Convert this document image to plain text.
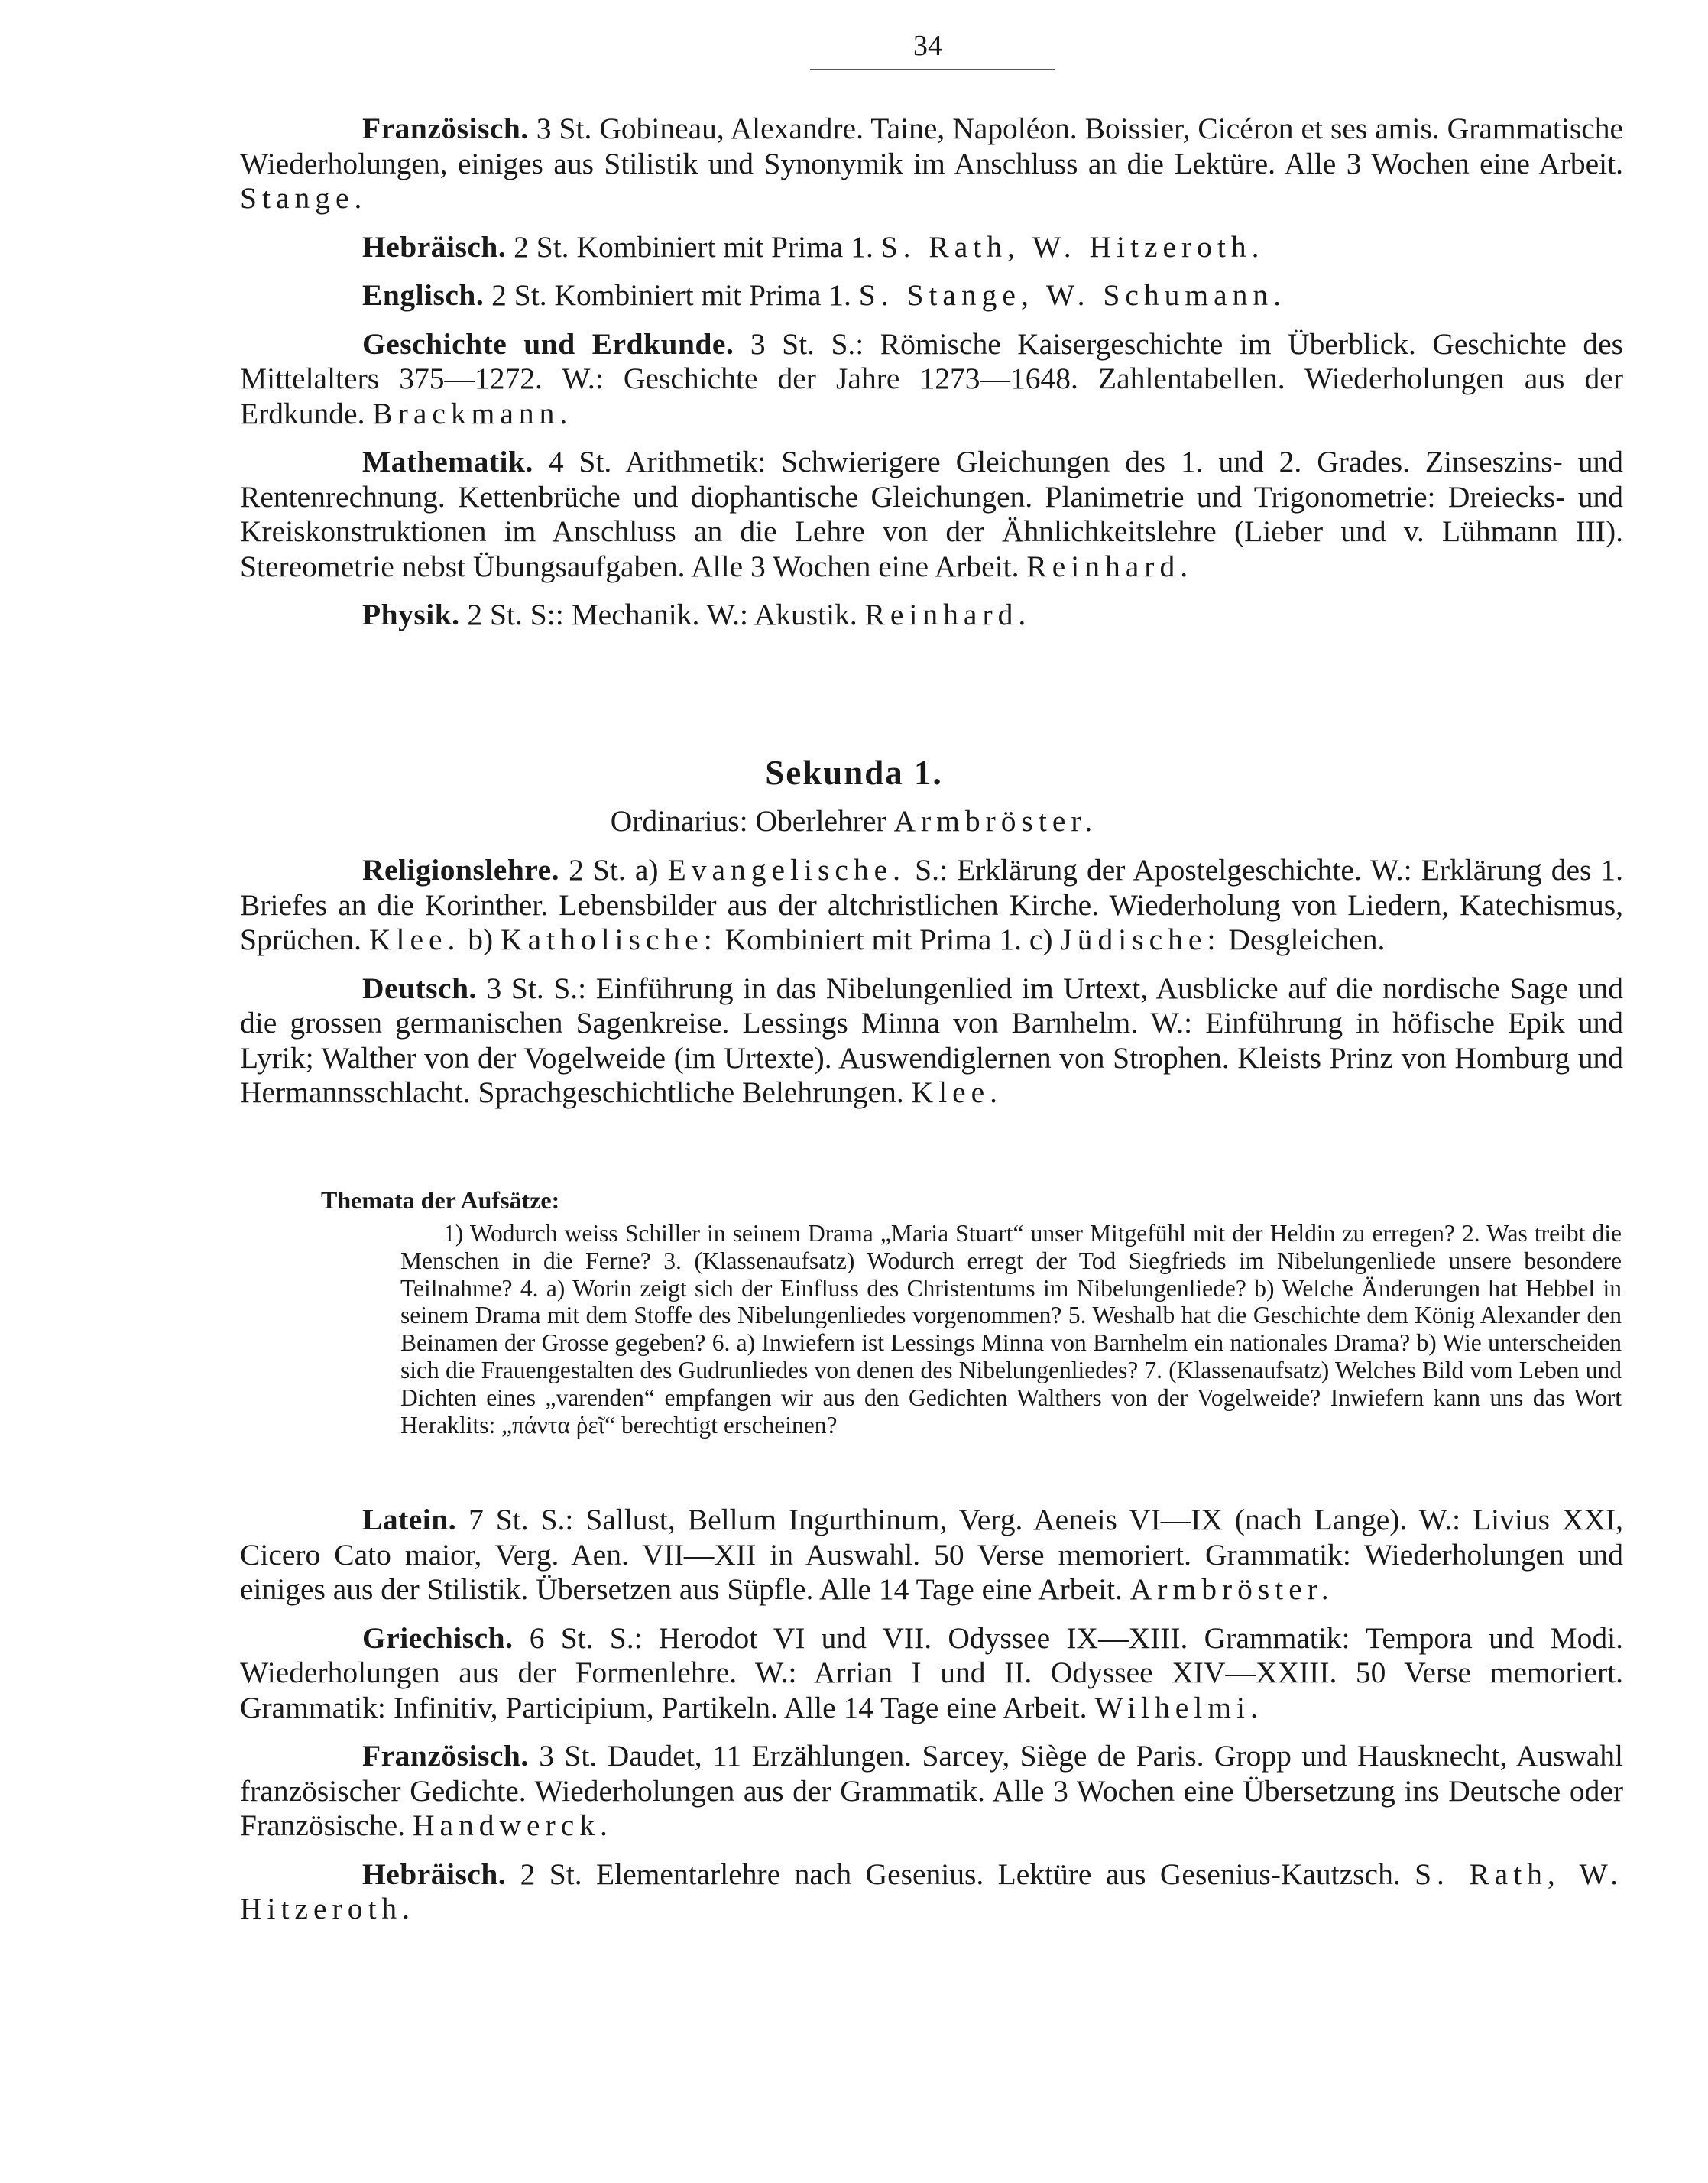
34

Französisch. 3 St. Gobineau, Alexandre. Taine, Napoléon. Boissier, Cicéron et ses amis. Grammatische Wiederholungen, einiges aus Stilistik und Synonymik im Anschluss an die Lektüre. Alle 3 Wochen eine Arbeit. Stange.

Hebräisch. 2 St. Kombiniert mit Prima 1. S. Rath, W. Hitzeroth.

Englisch. 2 St. Kombiniert mit Prima 1. S. Stange, W. Schumann.

Geschichte und Erdkunde. 3 St. S.: Römische Kaisergeschichte im Überblick. Geschichte des Mittelalters 375—1272. W.: Geschichte der Jahre 1273—1648. Zahlentabellen. Wiederholungen aus der Erdkunde. Brackmann.

Mathematik. 4 St. Arithmetik: Schwierigere Gleichungen des 1. und 2. Grades. Zinseszins- und Rentenrechnung. Kettenbrüche und diophantische Gleichungen. Planimetrie und Trigonometrie: Dreiecks- und Kreiskonstruktionen im Anschluss an die Lehre von der Ähnlichkeitslehre (Lieber und v. Lühmann III). Stereometrie nebst Übungsaufgaben. Alle 3 Wochen eine Arbeit. Reinhard.

Physik. 2 St. S:: Mechanik. W.: Akustik. Reinhard.

Sekunda 1.
Ordinarius: Oberlehrer Armbröster.

Religionslehre. 2 St. a) Evangelische. S.: Erklärung der Apostelgeschichte. W.: Erklärung des 1. Briefes an die Korinther. Lebensbilder aus der altchristlichen Kirche. Wiederholung von Liedern, Katechismus, Sprüchen. Klee. b) Katholische: Kombiniert mit Prima 1. c) Jüdische: Desgleichen.

Deutsch. 3 St. S.: Einführung in das Nibelungenlied im Urtext, Ausblicke auf die nordische Sage und die grossen germanischen Sagenkreise. Lessings Minna von Barnhelm. W.: Einführung in höfische Epik und Lyrik; Walther von der Vogelweide (im Urtexte). Auswendiglernen von Strophen. Kleists Prinz von Homburg und Hermannsschlacht. Sprachgeschichtliche Belehrungen. Klee.

Themata der Aufsätze:

1) Wodurch weiss Schiller in seinem Drama „Maria Stuart“ unser Mitgefühl mit der Heldin zu erregen? 2. Was treibt die Menschen in die Ferne? 3. (Klassenaufsatz) Wodurch erregt der Tod Siegfrieds im Nibelungenliede unsere besondere Teilnahme? 4. a) Worin zeigt sich der Einfluss des Christentums im Nibelungenliede? b) Welche Änderungen hat Hebbel in seinem Drama mit dem Stoffe des Nibelungenliedes vorgenommen? 5. Weshalb hat die Geschichte dem König Alexander den Beinamen der Grosse gegeben? 6. a) Inwiefern ist Lessings Minna von Barnhelm ein nationales Drama? b) Wie unterscheiden sich die Frauengestalten des Gudrunliedes von denen des Nibelungenliedes? 7. (Klassenaufsatz) Welches Bild vom Leben und Dichten eines „varenden“ empfangen wir aus den Gedichten Walthers von der Vogelweide? Inwiefern kann uns das Wort Heraklits: „πάντα ῥεῖ“ berechtigt erscheinen?

Latein. 7 St. S.: Sallust, Bellum Ingurthinum, Verg. Aeneis VI—IX (nach Lange). W.: Livius XXI, Cicero Cato maior, Verg. Aen. VII—XII in Auswahl. 50 Verse memoriert. Grammatik: Wiederholungen und einiges aus der Stilistik. Übersetzen aus Süpfle. Alle 14 Tage eine Arbeit. Armbröster.

Griechisch. 6 St. S.: Herodot VI und VII. Odyssee IX—XIII. Grammatik: Tempora und Modi. Wiederholungen aus der Formenlehre. W.: Arrian I und II. Odyssee XIV—XXIII. 50 Verse memoriert. Grammatik: Infinitiv, Participium, Partikeln. Alle 14 Tage eine Arbeit. Wilhelmi.

Französisch. 3 St. Daudet, 11 Erzählungen. Sarcey, Siège de Paris. Gropp und Hausknecht, Auswahl französischer Gedichte. Wiederholungen aus der Grammatik. Alle 3 Wochen eine Übersetzung ins Deutsche oder Französische. Handwerck.

Hebräisch. 2 St. Elementarlehre nach Gesenius. Lektüre aus Gesenius-Kautzsch. S. Rath, W. Hitzeroth.
